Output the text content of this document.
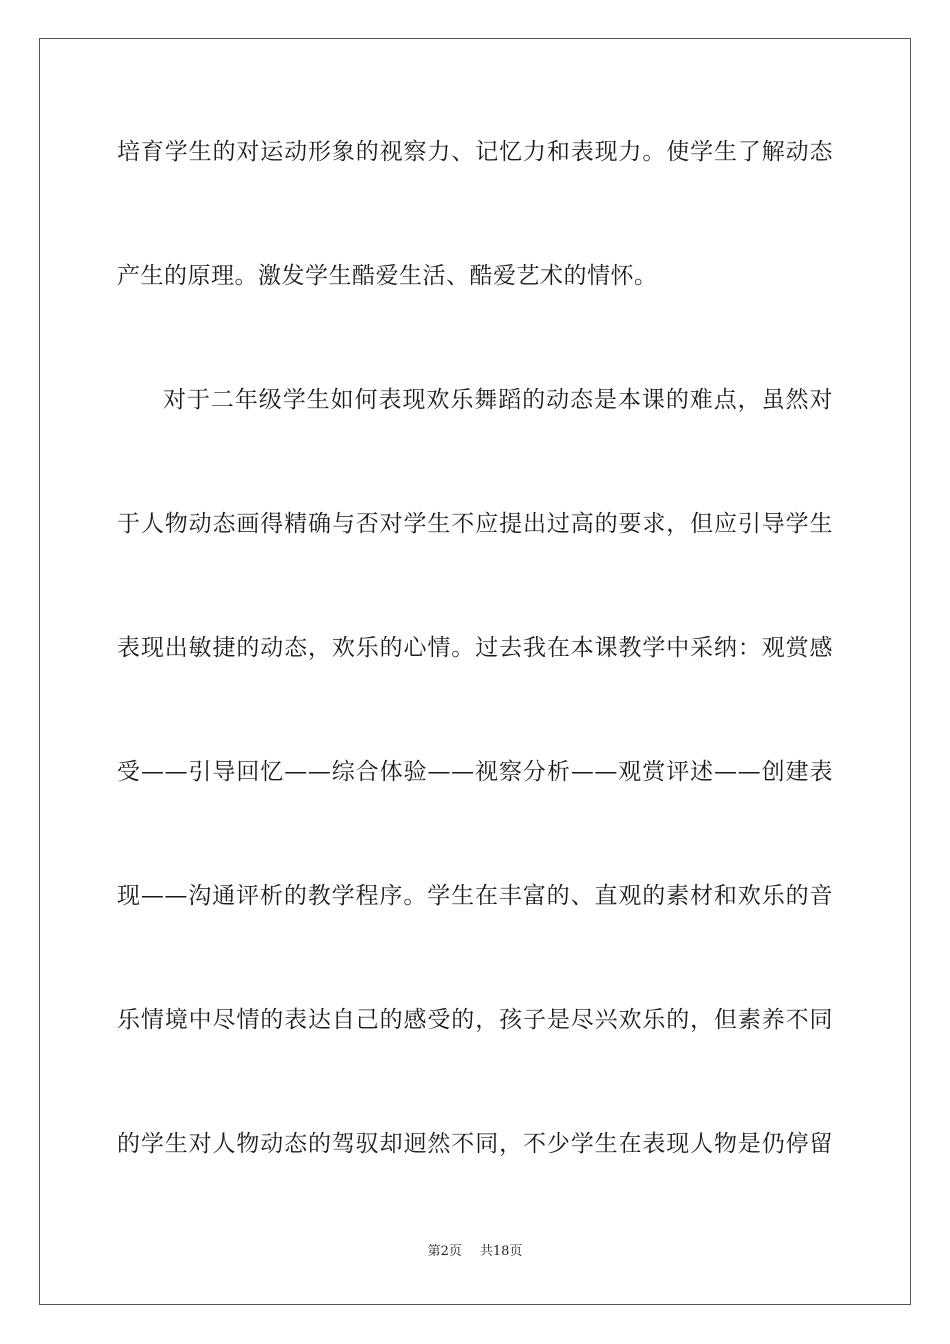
培育学生的对运动形象的视察力、记忆力和表现力。使学生了解动态
产生的原理。激发学生酷爱生活、酷爱艺术的情怀。
对于二年级学生如何表现欢乐舞蹈的动态是本课的难点，虽然对
于人物动态画得精确与否对学生不应提出过高的要求，但应引导学生
表现出敏捷的动态，欢乐的心情。过去我在本课教学中采纳：观赏感
受——引导回忆——综合体验——视察分析——观赏评述——创建表
现——沟通评析的教学程序。学生在丰富的、直观的素材和欢乐的音
乐情境中尽情的表达自己的感受的，孩子是尽兴欢乐的，但素养不同
的学生对人物动态的驾驭却迥然不同，不少学生在表现人物是仍停留
第2页 共18页
